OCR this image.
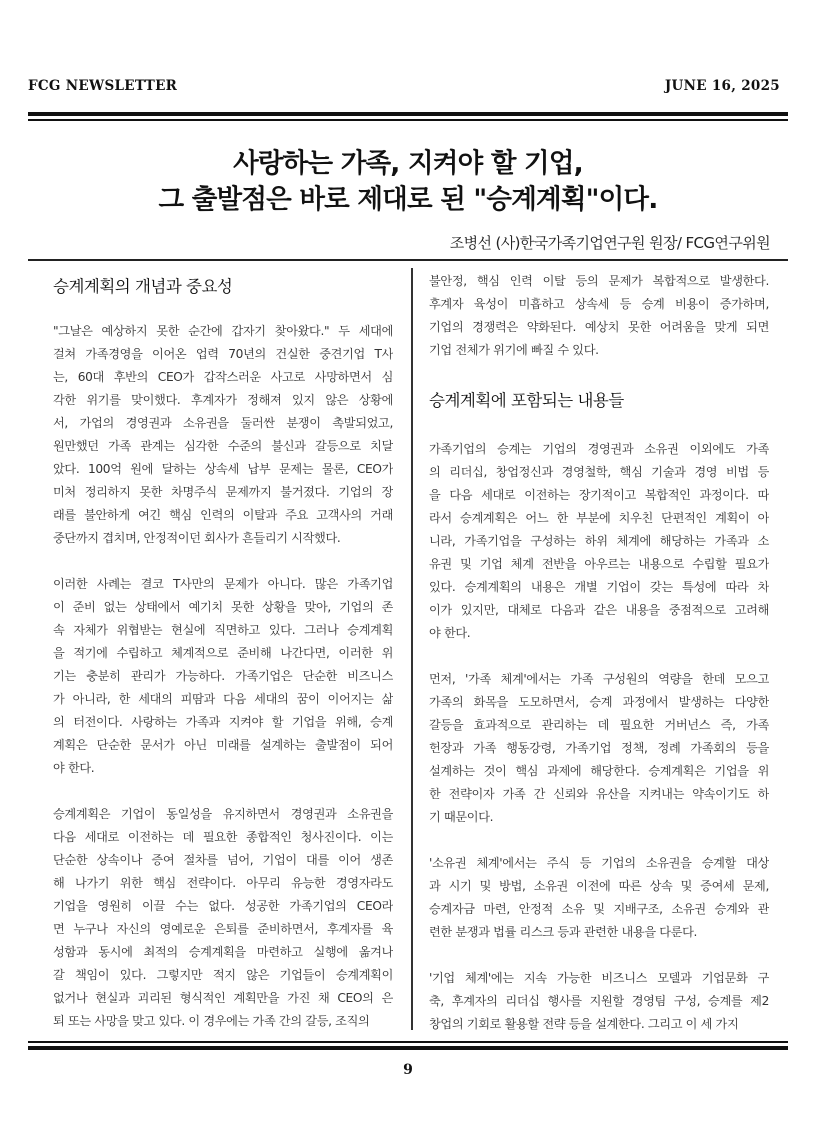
FCG NEWSLETTER	JUNE 16, 2025
사랑하는 가족, 지켜야 할 기업,
그 출발점은 바로 제대로 된 "승계계획"이다.
조병선 (사)한국가족기업연구원 원장/ FCG연구위원
승계계획의 개념과 중요성
"그날은 예상하지 못한 순간에 갑자기 찾아왔다." 두 세대에
걸쳐 가족경영을 이어온 업력 70년의 건실한 중견기업 T사
는, 60대 후반의 CEO가 갑작스러운 사고로 사망하면서 심
각한 위기를 맞이했다. 후계자가 정해져 있지 않은 상황에
서, 가업의 경영권과 소유권을 둘러싼 분쟁이 촉발되었고,
원만했던 가족 관계는 심각한 수준의 불신과 갈등으로 치달
았다. 100억 원에 달하는 상속세 납부 문제는 물론, CEO가
미처 정리하지 못한 차명주식 문제까지 불거졌다. 기업의 장
래를 불안하게 여긴 핵심 인력의 이탈과 주요 고객사의 거래
중단까지 겹치며, 안정적이던 회사가 흔들리기 시작했다.
이러한 사례는 결코 T사만의 문제가 아니다. 많은 가족기업
이 준비 없는 상태에서 예기치 못한 상황을 맞아, 기업의 존
속 자체가 위협받는 현실에 직면하고 있다. 그러나 승계계획
을 적기에 수립하고 체계적으로 준비해 나간다면, 이러한 위
기는 충분히 관리가 가능하다. 가족기업은 단순한 비즈니스
가 아니라, 한 세대의 피땀과 다음 세대의 꿈이 이어지는 삶
의 터전이다. 사랑하는 가족과 지켜야 할 기업을 위해, 승계
계획은 단순한 문서가 아닌 미래를 설계하는 출발점이 되어
야 한다.
승계계획은 기업이 동일성을 유지하면서 경영권과 소유권을
다음 세대로 이전하는 데 필요한 종합적인 청사진이다. 이는
단순한 상속이나 증여 절차를 넘어, 기업이 대를 이어 생존
해 나가기 위한 핵심 전략이다. 아무리 유능한 경영자라도
기업을 영원히 이끌 수는 없다. 성공한 가족기업의 CEO라
면 누구나 자신의 영예로운 은퇴를 준비하면서, 후계자를 육
성함과 동시에 최적의 승계계획을 마련하고 실행에 옮겨나
갈 책임이 있다. 그렇지만 적지 않은 기업들이 승계계획이
없거나 현실과 괴리된 형식적인 계획만을 가진 채 CEO의 은
퇴 또는 사망을 맞고 있다. 이 경우에는 가족 간의 갈등, 조직의
불안정, 핵심 인력 이탈 등의 문제가 복합적으로 발생한다.
후계자 육성이 미흡하고 상속세 등 승계 비용이 증가하며,
기업의 경쟁력은 약화된다. 예상치 못한 어려움을 맞게 되면
기업 전체가 위기에 빠질 수 있다.
승계계획에 포함되는 내용들
가족기업의 승계는 기업의 경영권과 소유권 이외에도 가족
의 리더십, 창업정신과 경영철학, 핵심 기술과 경영 비법 등
을 다음 세대로 이전하는 장기적이고 복합적인 과정이다. 따
라서 승계계획은 어느 한 부분에 치우친 단편적인 계획이 아
니라, 가족기업을 구성하는 하위 체계에 해당하는 가족과 소
유권 및 기업 체계 전반을 아우르는 내용으로 수립할 필요가
있다. 승계계획의 내용은 개별 기업이 갖는 특성에 따라 차
이가 있지만, 대체로 다음과 같은 내용을 중점적으로 고려해
야 한다.
먼저, '가족 체계'에서는 가족 구성원의 역량을 한데 모으고
가족의 화목을 도모하면서, 승계 과정에서 발생하는 다양한
갈등을 효과적으로 관리하는 데 필요한 거버넌스 즉, 가족
헌장과 가족 행동강령, 가족기업 정책, 정례 가족회의 등을
설계하는 것이 핵심 과제에 해당한다. 승계계획은 기업을 위
한 전략이자 가족 간 신뢰와 유산을 지켜내는 약속이기도 하
기 때문이다.
'소유권 체계'에서는 주식 등 기업의 소유권을 승계할 대상
과 시기 및 방법, 소유권 이전에 따른 상속 및 증여세 문제,
승계자금 마련, 안정적 소유 및 지배구조, 소유권 승계와 관
련한 분쟁과 법률 리스크 등과 관련한 내용을 다룬다.
'기업 체계'에는 지속 가능한 비즈니스 모델과 기업문화 구
축, 후계자의 리더십 행사를 지원할 경영팀 구성, 승계를 제2
창업의 기회로 활용할 전략 등을 설계한다. 그리고 이 세 가지
9
